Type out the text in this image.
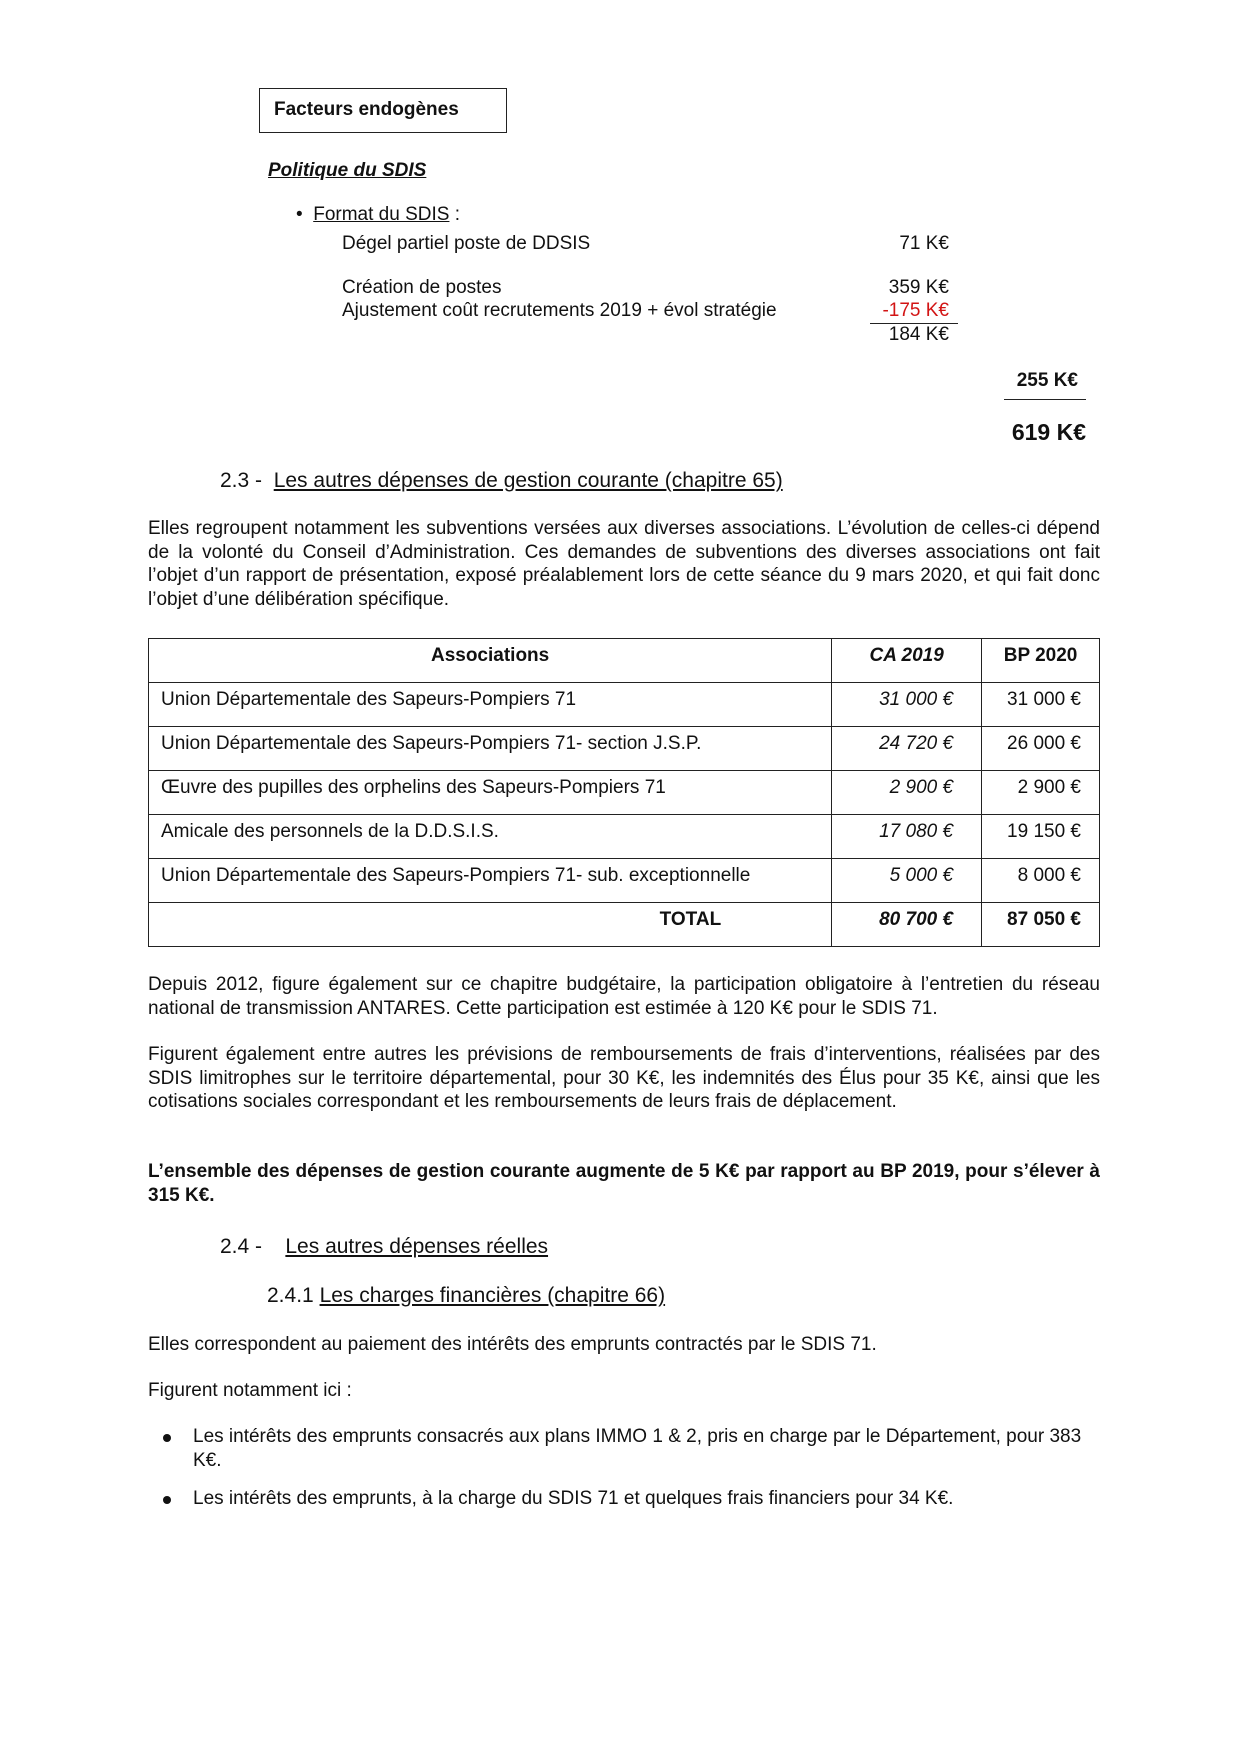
Facteurs endogènes
Politique du SDIS
• Format du SDIS :
Dégel partiel poste de DDSIS	71 K€
Création de postes	359 K€
Ajustement coût recrutements 2019 + évol stratégie	-175 K€
184 K€
255 K€
619 K€
2.3 - Les autres dépenses de gestion courante (chapitre 65)
Elles regroupent notamment les subventions versées aux diverses associations. L’évolution de celles-ci dépend de la volonté du Conseil d’Administration. Ces demandes de subventions des diverses associations ont fait l’objet d’un rapport de présentation, exposé préalablement lors de cette séance du 9 mars 2020, et qui fait donc l’objet d’une délibération spécifique.
Associations	CA 2019	BP 2020
Union Départementale des Sapeurs-Pompiers 71	31 000 €	31 000 €
Union Départementale des Sapeurs-Pompiers 71- section J.S.P.	24 720 €	26 000 €
Œuvre des pupilles des orphelins des Sapeurs-Pompiers 71	2 900 €	2 900 €
Amicale des personnels de la D.D.S.I.S.	17 080 €	19 150 €
Union Départementale des Sapeurs-Pompiers 71- sub. exceptionnelle	5 000 €	8 000 €
TOTAL	80 700 €	87 050 €
Depuis 2012, figure également sur ce chapitre budgétaire, la participation obligatoire à l’entretien du réseau national de transmission ANTARES. Cette participation est estimée à 120 K€ pour le SDIS 71.
Figurent également entre autres les prévisions de remboursements de frais d’interventions, réalisées par des SDIS limitrophes sur le territoire départemental, pour 30 K€, les indemnités des Élus pour 35 K€, ainsi que les cotisations sociales correspondant et les remboursements de leurs frais de déplacement.
L’ensemble des dépenses de gestion courante augmente de 5 K€ par rapport au BP 2019, pour s’élever à 315 K€.
2.4 - Les autres dépenses réelles
2.4.1 Les charges financières (chapitre 66)
Elles correspondent au paiement des intérêts des emprunts contractés par le SDIS 71.
Figurent notamment ici :
Les intérêts des emprunts consacrés aux plans IMMO 1 & 2, pris en charge par le Département, pour 383 K€.
Les intérêts des emprunts, à la charge du SDIS 71 et quelques frais financiers pour 34 K€.
